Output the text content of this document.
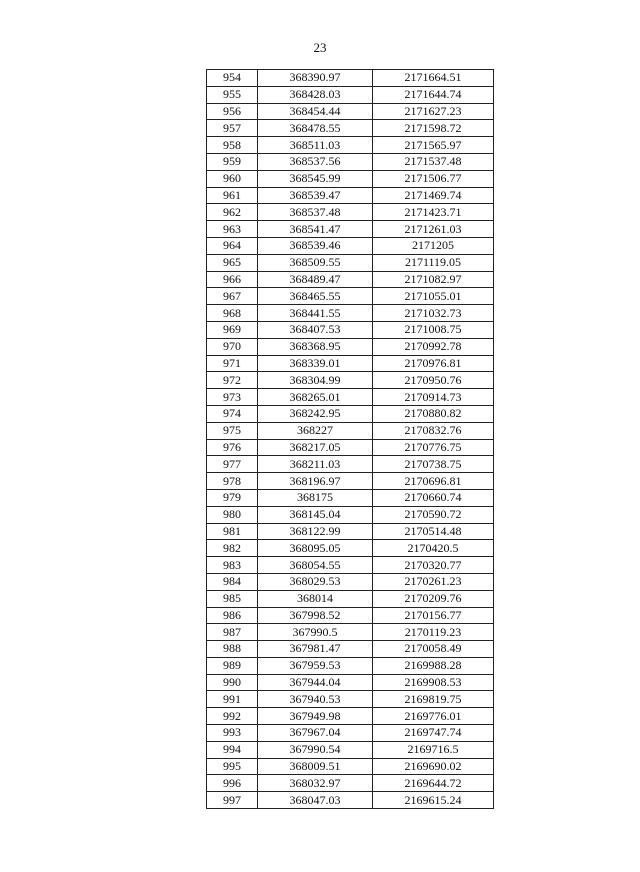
23
954	368390.97	2171664.51
955	368428.03	2171644.74
956	368454.44	2171627.23
957	368478.55	2171598.72
958	368511.03	2171565.97
959	368537.56	2171537.48
960	368545.99	2171506.77
961	368539.47	2171469.74
962	368537.48	2171423.71
963	368541.47	2171261.03
964	368539.46	2171205
965	368509.55	2171119.05
966	368489.47	2171082.97
967	368465.55	2171055.01
968	368441.55	2171032.73
969	368407.53	2171008.75
970	368368.95	2170992.78
971	368339.01	2170976.81
972	368304.99	2170950.76
973	368265.01	2170914.73
974	368242.95	2170880.82
975	368227	2170832.76
976	368217.05	2170776.75
977	368211.03	2170738.75
978	368196.97	2170696.81
979	368175	2170660.74
980	368145.04	2170590.72
981	368122.99	2170514.48
982	368095.05	2170420.5
983	368054.55	2170320.77
984	368029.53	2170261.23
985	368014	2170209.76
986	367998.52	2170156.77
987	367990.5	2170119.23
988	367981.47	2170058.49
989	367959.53	2169988.28
990	367944.04	2169908.53
991	367940.53	2169819.75
992	367949.98	2169776.01
993	367967.04	2169747.74
994	367990.54	2169716.5
995	368009.51	2169690.02
996	368032.97	2169644.72
997	368047.03	2169615.24
